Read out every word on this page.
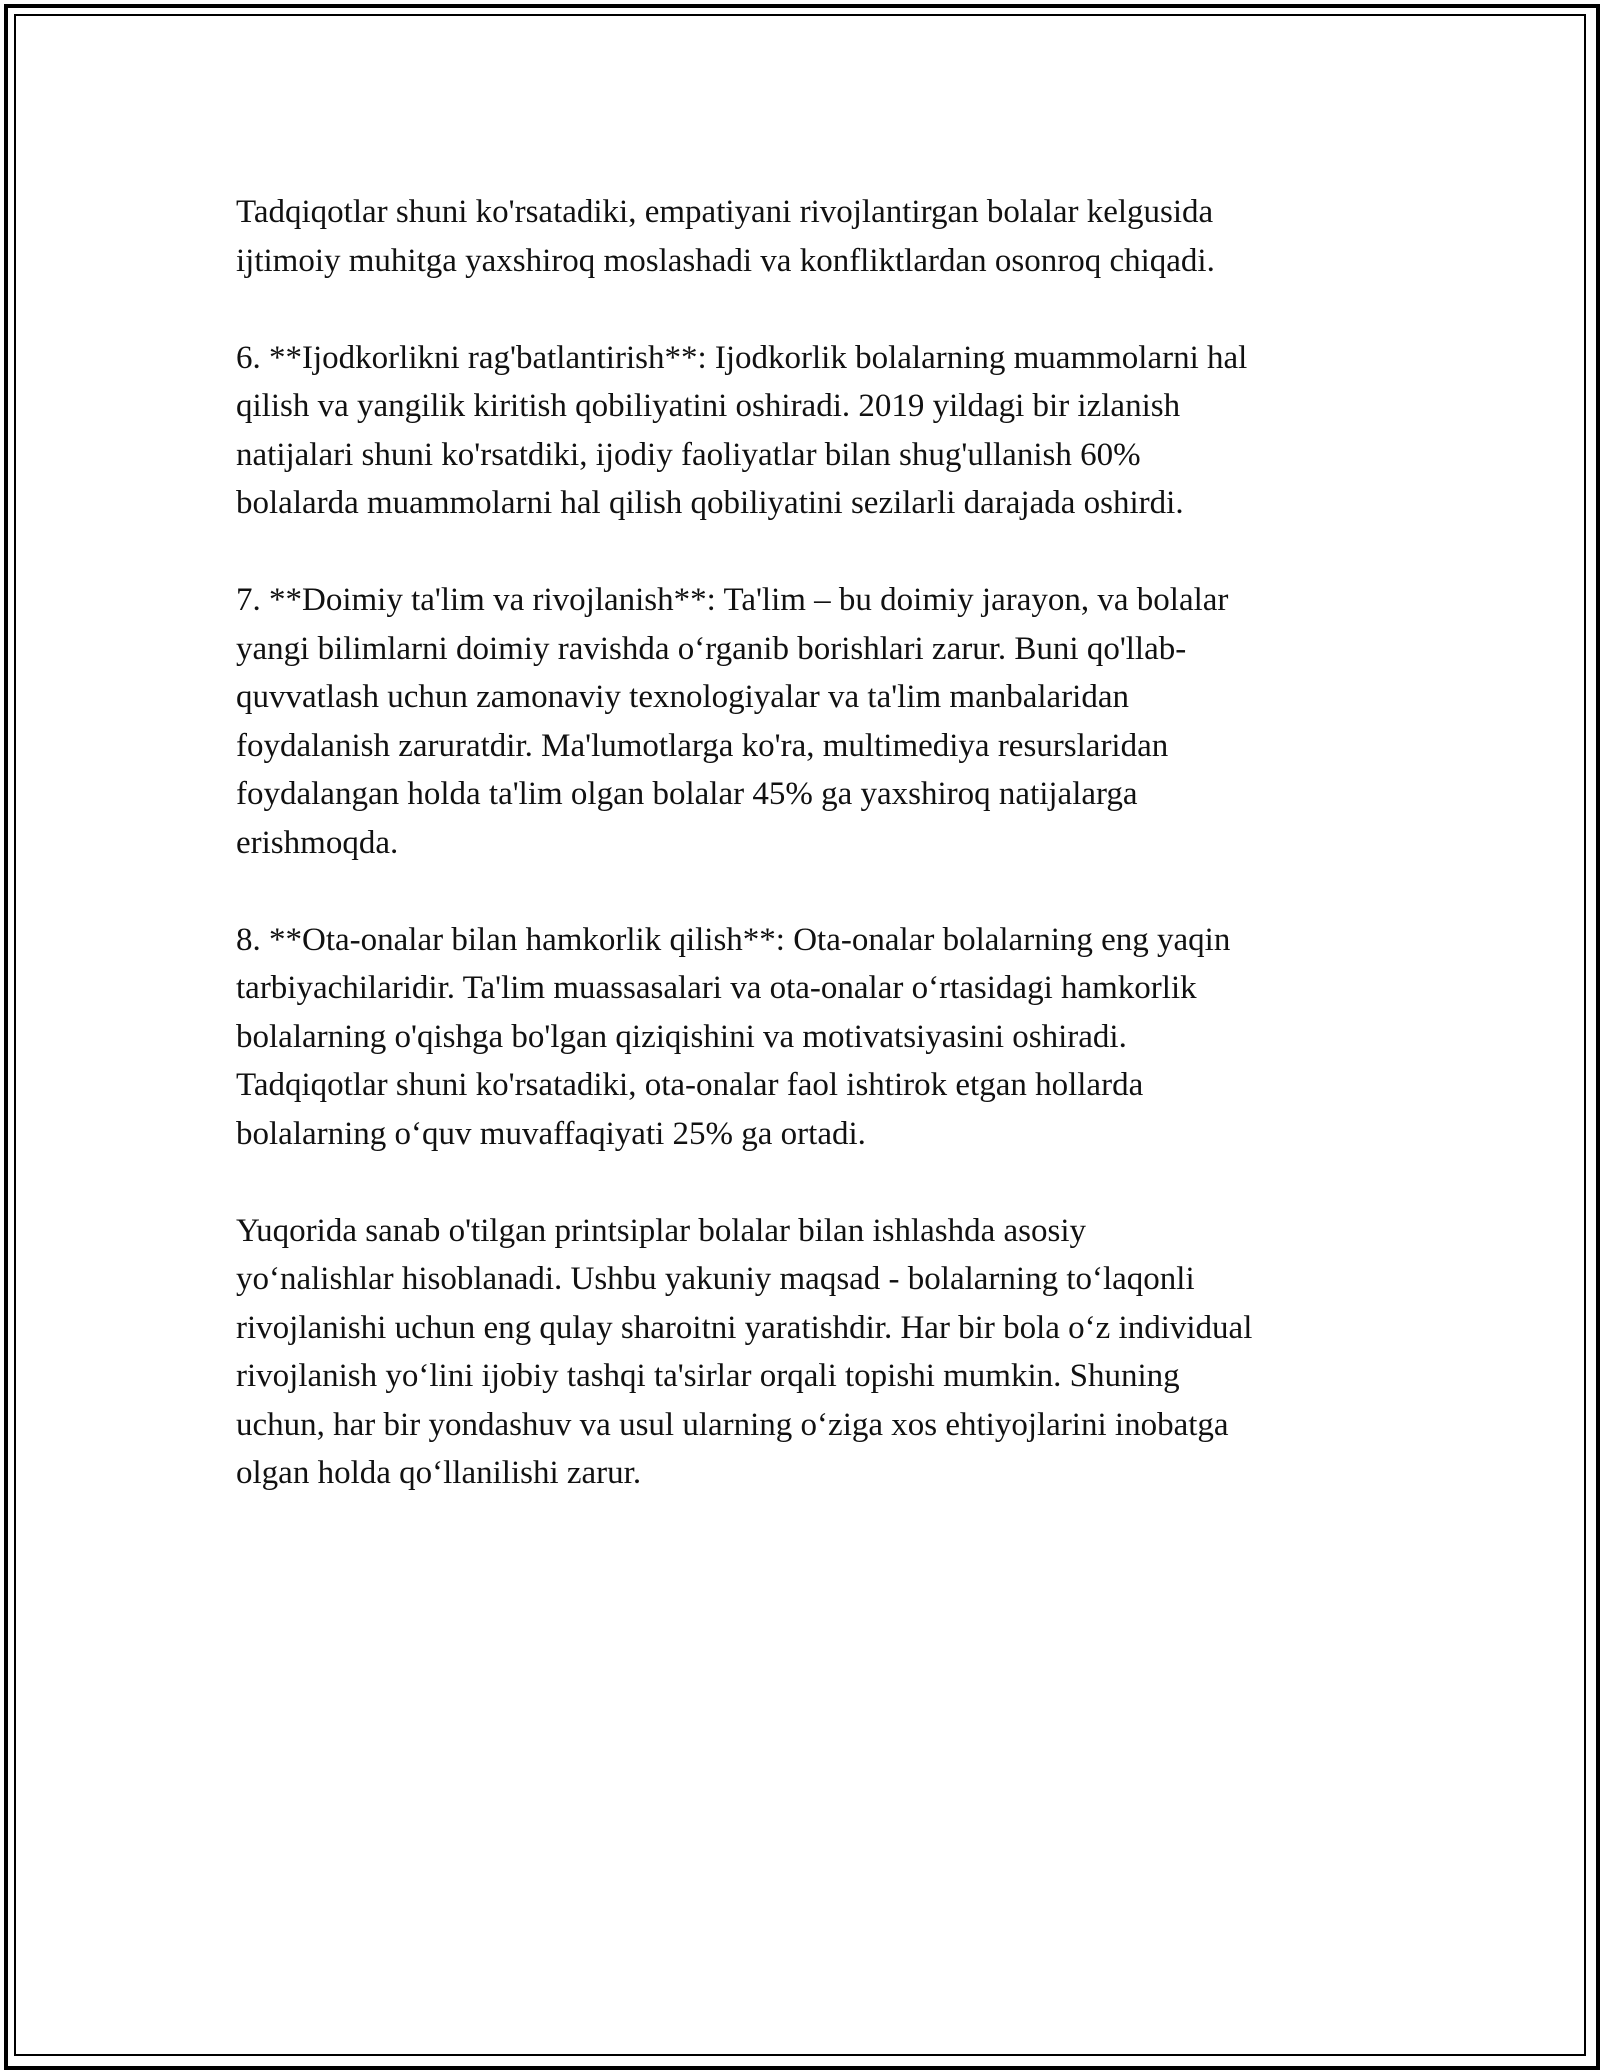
Tadqiqotlar shuni ko'rsatadiki, empatiyani rivojlantirgan bolalar kelgusida
ijtimoiy muhitga yaxshiroq moslashadi va konfliktlardan osonroq chiqadi.

6. **Ijodkorlikni rag'batlantirish**: Ijodkorlik bolalarning muammolarni hal
qilish va yangilik kiritish qobiliyatini oshiradi. 2019 yildagi bir izlanish
natijalari shuni ko'rsatdiki, ijodiy faoliyatlar bilan shug'ullanish 60%
bolalarda muammolarni hal qilish qobiliyatini sezilarli darajada oshirdi.

7. **Doimiy ta'lim va rivojlanish**: Ta'lim – bu doimiy jarayon, va bolalar
yangi bilimlarni doimiy ravishda o‘rganib borishlari zarur. Buni qo'llab-
quvvatlash uchun zamonaviy texnologiyalar va ta'lim manbalaridan
foydalanish zaruratdir. Ma'lumotlarga ko'ra, multimediya resurslaridan
foydalangan holda ta'lim olgan bolalar 45% ga yaxshiroq natijalarga
erishmoqda.

8. **Ota-onalar bilan hamkorlik qilish**: Ota-onalar bolalarning eng yaqin
tarbiyachilaridir. Ta'lim muassasalari va ota-onalar o‘rtasidagi hamkorlik
bolalarning o'qishga bo'lgan qiziqishini va motivatsiyasini oshiradi.
Tadqiqotlar shuni ko'rsatadiki, ota-onalar faol ishtirok etgan hollarda
bolalarning o‘quv muvaffaqiyati 25% ga ortadi.

Yuqorida sanab o'tilgan printsiplar bolalar bilan ishlashda asosiy
yo‘nalishlar hisoblanadi. Ushbu yakuniy maqsad - bolalarning to‘laqonli
rivojlanishi uchun eng qulay sharoitni yaratishdir. Har bir bola o‘z individual
rivojlanish yo‘lini ijobiy tashqi ta'sirlar orqali topishi mumkin. Shuning
uchun, har bir yondashuv va usul ularning o‘ziga xos ehtiyojlarini inobatga
olgan holda qo‘llanilishi zarur.
